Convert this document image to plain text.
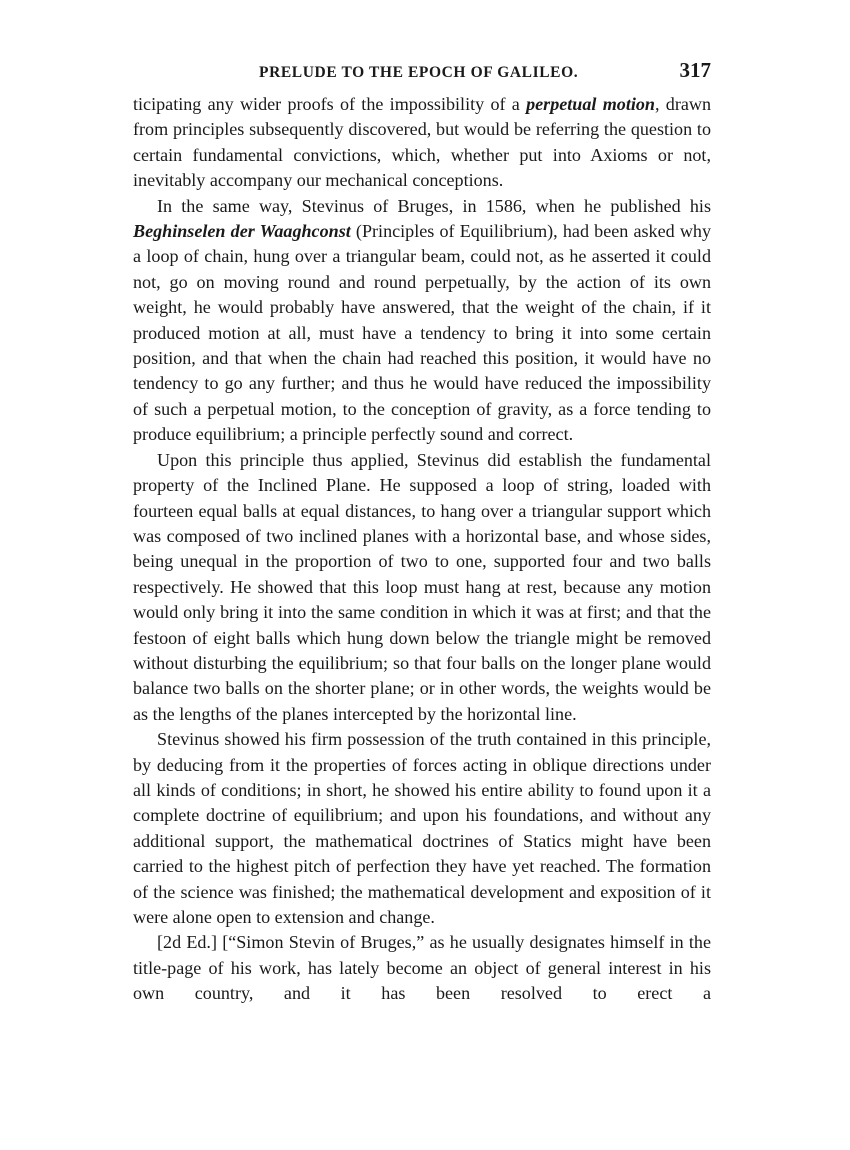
PRELUDE TO THE EPOCH OF GALILEO.	317

ticipating any wider proofs of the impossibility of a perpetual motion, drawn from principles subsequently discovered, but would be referring the question to certain fundamental convictions, which, whether put into Axioms or not, inevitably accompany our mechanical conceptions.

In the same way, Stevinus of Bruges, in 1586, when he published his Beghinselen der Waaghconst (Principles of Equilibrium), had been asked why a loop of chain, hung over a triangular beam, could not, as he asserted it could not, go on moving round and round perpetually, by the action of its own weight, he would probably have answered, that the weight of the chain, if it produced motion at all, must have a tendency to bring it into some certain position, and that when the chain had reached this position, it would have no tendency to go any further; and thus he would have reduced the impossibility of such a perpetual motion, to the conception of gravity, as a force tending to produce equilibrium; a principle perfectly sound and correct.

Upon this principle thus applied, Stevinus did establish the fundamental property of the Inclined Plane. He supposed a loop of string, loaded with fourteen equal balls at equal distances, to hang over a triangular support which was composed of two inclined planes with a horizontal base, and whose sides, being unequal in the proportion of two to one, supported four and two balls respectively. He showed that this loop must hang at rest, because any motion would only bring it into the same condition in which it was at first; and that the festoon of eight balls which hung down below the triangle might be removed without disturbing the equilibrium; so that four balls on the longer plane would balance two balls on the shorter plane; or in other words, the weights would be as the lengths of the planes intercepted by the horizontal line.

Stevinus showed his firm possession of the truth contained in this principle, by deducing from it the properties of forces acting in oblique directions under all kinds of conditions; in short, he showed his entire ability to found upon it a complete doctrine of equilibrium; and upon his foundations, and without any additional support, the mathematical doctrines of Statics might have been carried to the highest pitch of perfection they have yet reached. The formation of the science was finished; the mathematical development and exposition of it were alone open to extension and change.

[2d Ed.] [“Simon Stevin of Bruges,” as he usually designates himself in the title-page of his work, has lately become an object of general interest in his own country, and it has been resolved to erect a
